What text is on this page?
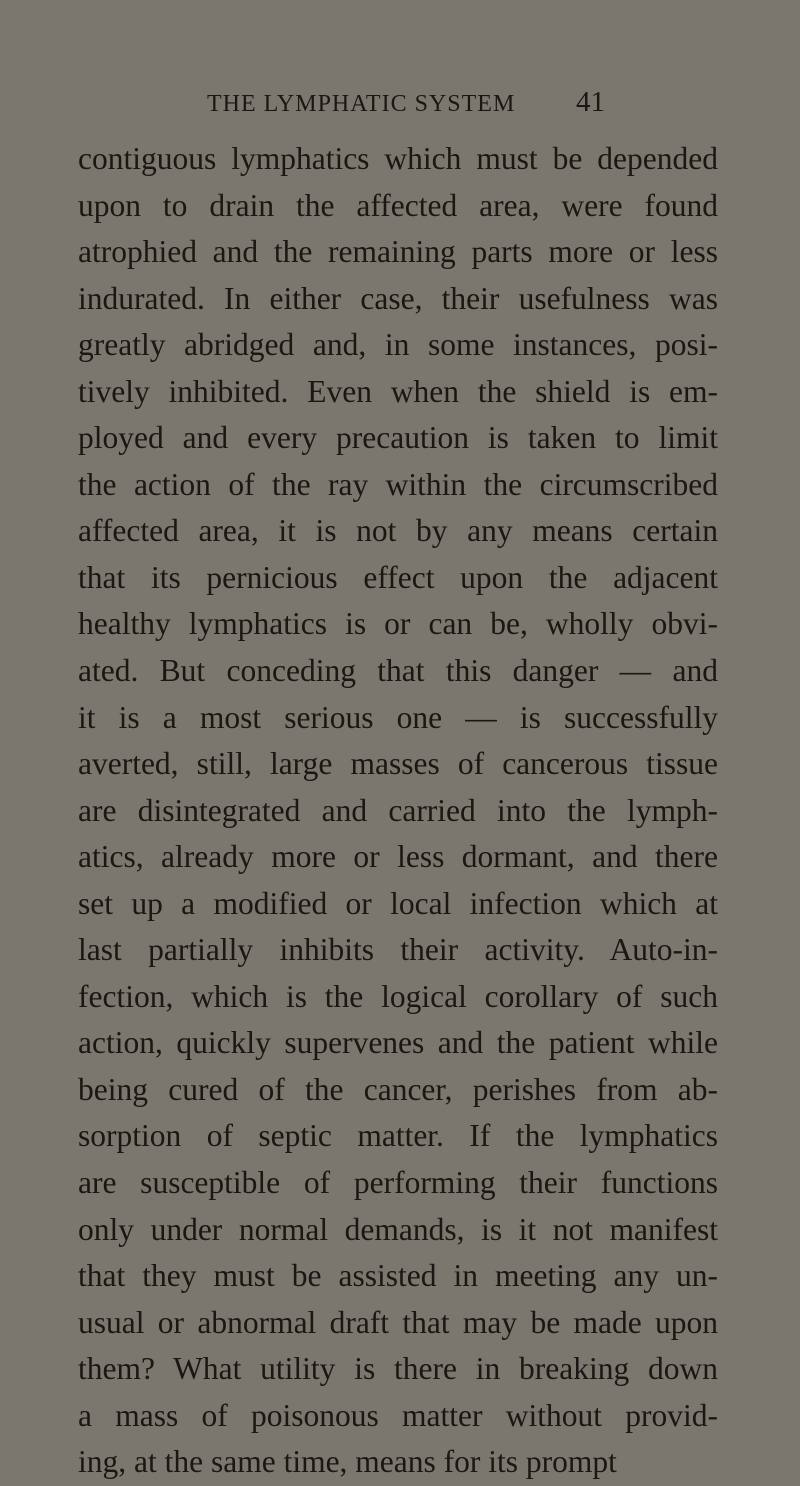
THE LYMPHATIC SYSTEM 41
contiguous lymphatics which must be depended
upon to drain the affected area, were found
atrophied and the remaining parts more or less
indurated. In either case, their usefulness was
greatly abridged and, in some instances, posi-
tively inhibited. Even when the shield is em-
ployed and every precaution is taken to limit
the action of the ray within the circumscribed
affected area, it is not by any means certain
that its pernicious effect upon the adjacent
healthy lymphatics is or can be, wholly obvi-
ated. But conceding that this danger — and
it is a most serious one — is successfully
averted, still, large masses of cancerous tissue
are disintegrated and carried into the lymph-
atics, already more or less dormant, and there
set up a modified or local infection which at
last partially inhibits their activity. Auto-in-
fection, which is the logical corollary of such
action, quickly supervenes and the patient while
being cured of the cancer, perishes from ab-
sorption of septic matter. If the lymphatics
are susceptible of performing their functions
only under normal demands, is it not manifest
that they must be assisted in meeting any un-
usual or abnormal draft that may be made upon
them? What utility is there in breaking down
a mass of poisonous matter without provid-
ing, at the same time, means for its prompt
